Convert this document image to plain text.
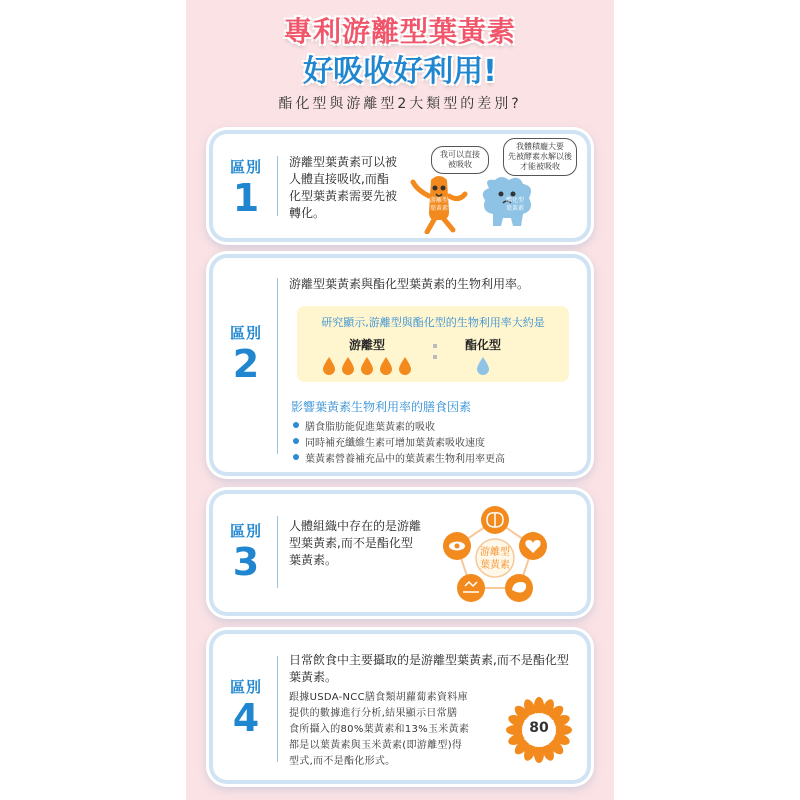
專利游離型葉黃素
好吸收好利用!
酯化型與游離型2大類型的差別?
區別
1
游離型葉黃素可以被
人體直接吸收,而酯
化型葉黃素需要先被
轉化。
我可以直接
被吸收
我體積龐大要
先被酵素水解以後
才能被吸收
游離型
葉黃素
酯化型
葉黃素
區別
2
游離型葉黃素與酯化型葉黃素的生物利用率。
研究顯示,游離型與酯化型的生物利用率大約是
游離型	酯化型
影響葉黃素生物利用率的膳食因素
膳食脂肪能促進葉黃素的吸收
同時補充纖維生素可增加葉黃素吸收速度
葉黃素營養補充品中的葉黃素生物利用率更高
區別
3
人體組織中存在的是游離
型葉黃素,而不是酯化型
葉黃素。
游離型
葉黃素
區別
4
日常飲食中主要攝取的是游離型葉黃素,而不是酯化型
葉黃素。
跟據USDA-NCC膳食類胡蘿蔔素資料庫
提供的數據進行分析,結果顯示日常膳
食所攝入的80%葉黃素和13%玉米黃素
都是以葉黃素與玉米黃素(即游離型)得
型式,而不是酯化形式。
80
